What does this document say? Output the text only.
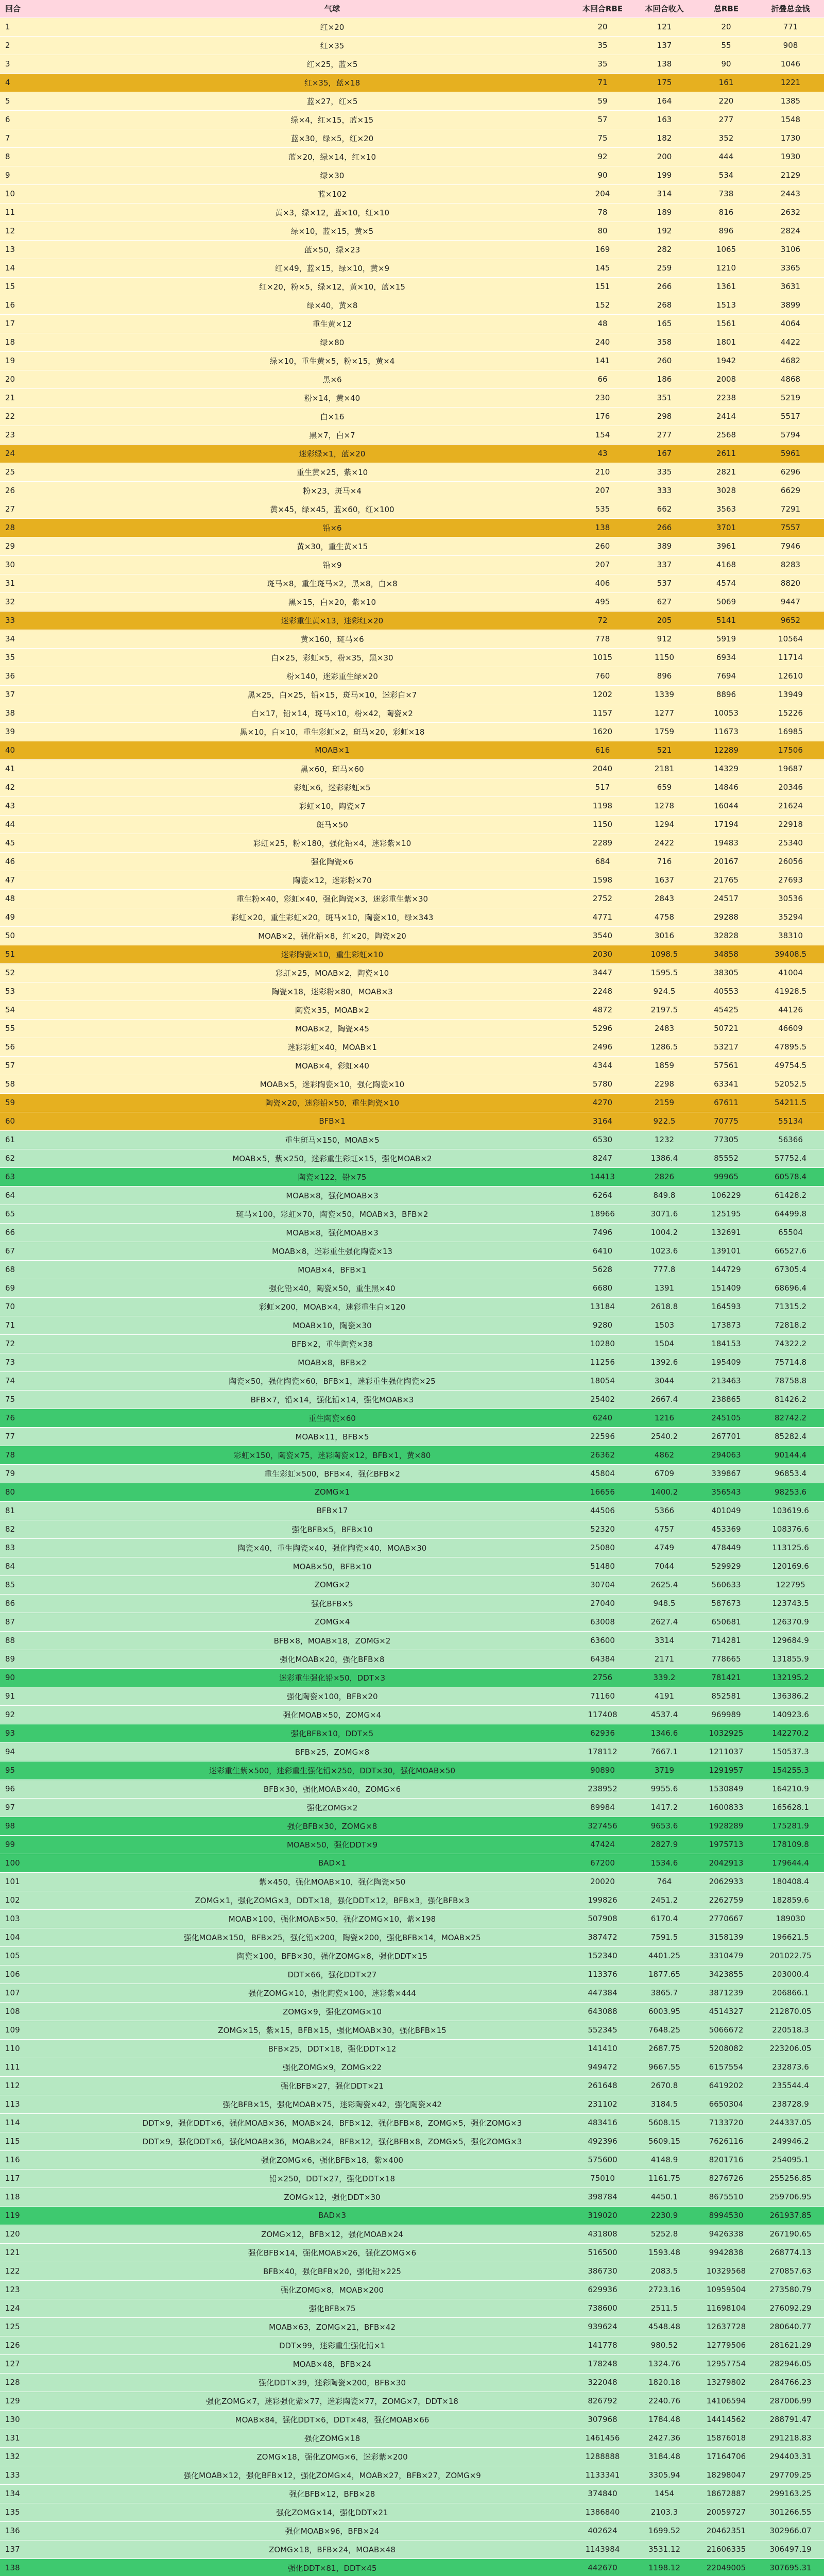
回合	气球	本回合RBE	本回合收入	总RBE	折叠总金钱
1	红×20	20	121	20	771
2	红×35	35	137	55	908
3	红×25，蓝×5	35	138	90	1046
4	红×35，蓝×18	71	175	161	1221
5	蓝×27，红×5	59	164	220	1385
6	绿×4，红×15，蓝×15	57	163	277	1548
7	蓝×30，绿×5，红×20	75	182	352	1730
8	蓝×20，绿×14，红×10	92	200	444	1930
9	绿×30	90	199	534	2129
10	蓝×102	204	314	738	2443
11	黄×3，绿×12，蓝×10，红×10	78	189	816	2632
12	绿×10，蓝×15，黄×5	80	192	896	2824
13	蓝×50，绿×23	169	282	1065	3106
14	红×49，蓝×15，绿×10，黄×9	145	259	1210	3365
15	红×20，粉×5，绿×12，黄×10，蓝×15	151	266	1361	3631
16	绿×40，黄×8	152	268	1513	3899
17	重生黄×12	48	165	1561	4064
18	绿×80	240	358	1801	4422
19	绿×10，重生黄×5，粉×15，黄×4	141	260	1942	4682
20	黑×6	66	186	2008	4868
21	粉×14，黄×40	230	351	2238	5219
22	白×16	176	298	2414	5517
23	黑×7，白×7	154	277	2568	5794
24	迷彩绿×1，蓝×20	43	167	2611	5961
25	重生黄×25，紫×10	210	335	2821	6296
26	粉×23，斑马×4	207	333	3028	6629
27	黄×45，绿×45，蓝×60，红×100	535	662	3563	7291
28	铅×6	138	266	3701	7557
29	黄×30，重生黄×15	260	389	3961	7946
30	铅×9	207	337	4168	8283
31	斑马×8，重生斑马×2，黑×8，白×8	406	537	4574	8820
32	黑×15，白×20，紫×10	495	627	5069	9447
33	迷彩重生黄×13，迷彩红×20	72	205	5141	9652
34	黄×160，斑马×6	778	912	5919	10564
35	白×25，彩虹×5，粉×35，黑×30	1015	1150	6934	11714
36	粉×140，迷彩重生绿×20	760	896	7694	12610
37	黑×25，白×25，铅×15，斑马×10，迷彩白×7	1202	1339	8896	13949
38	白×17，铅×14，斑马×10，粉×42，陶瓷×2	1157	1277	10053	15226
39	黑×10，白×10，重生彩虹×2，斑马×20，彩虹×18	1620	1759	11673	16985
40	MOAB×1	616	521	12289	17506
41	黑×60，斑马×60	2040	2181	14329	19687
42	彩虹×6，迷彩彩虹×5	517	659	14846	20346
43	彩虹×10，陶瓷×7	1198	1278	16044	21624
44	斑马×50	1150	1294	17194	22918
45	彩虹×25，粉×180，强化铅×4，迷彩紫×10	2289	2422	19483	25340
46	强化陶瓷×6	684	716	20167	26056
47	陶瓷×12，迷彩粉×70	1598	1637	21765	27693
48	重生粉×40，彩虹×40，强化陶瓷×3，迷彩重生紫×30	2752	2843	24517	30536
49	彩虹×20，重生彩虹×20，斑马×10，陶瓷×10，绿×343	4771	4758	29288	35294
50	MOAB×2，强化铅×8，红×20，陶瓷×20	3540	3016	32828	38310
51	迷彩陶瓷×10，重生彩虹×10	2030	1098.5	34858	39408.5
52	彩虹×25，MOAB×2，陶瓷×10	3447	1595.5	38305	41004
53	陶瓷×18，迷彩粉×80，MOAB×3	2248	924.5	40553	41928.5
54	陶瓷×35，MOAB×2	4872	2197.5	45425	44126
55	MOAB×2，陶瓷×45	5296	2483	50721	46609
56	迷彩彩虹×40，MOAB×1	2496	1286.5	53217	47895.5
57	MOAB×4，彩虹×40	4344	1859	57561	49754.5
58	MOAB×5，迷彩陶瓷×10，强化陶瓷×10	5780	2298	63341	52052.5
59	陶瓷×20，迷彩铅×50，重生陶瓷×10	4270	2159	67611	54211.5
60	BFB×1	3164	922.5	70775	55134
61	重生斑马×150，MOAB×5	6530	1232	77305	56366
62	MOAB×5，紫×250，迷彩重生彩虹×15，强化MOAB×2	8247	1386.4	85552	57752.4
63	陶瓷×122，铅×75	14413	2826	99965	60578.4
64	MOAB×8，强化MOAB×3	6264	849.8	106229	61428.2
65	斑马×100，彩虹×70，陶瓷×50，MOAB×3，BFB×2	18966	3071.6	125195	64499.8
66	MOAB×8，强化MOAB×3	7496	1004.2	132691	65504
67	MOAB×8，迷彩重生强化陶瓷×13	6410	1023.6	139101	66527.6
68	MOAB×4，BFB×1	5628	777.8	144729	67305.4
69	强化铅×40，陶瓷×50，重生黑×40	6680	1391	151409	68696.4
70	彩虹×200，MOAB×4，迷彩重生白×120	13184	2618.8	164593	71315.2
71	MOAB×10，陶瓷×30	9280	1503	173873	72818.2
72	BFB×2，重生陶瓷×38	10280	1504	184153	74322.2
73	MOAB×8，BFB×2	11256	1392.6	195409	75714.8
74	陶瓷×50，强化陶瓷×60，BFB×1，迷彩重生强化陶瓷×25	18054	3044	213463	78758.8
75	BFB×7，铅×14，强化铅×14，强化MOAB×3	25402	2667.4	238865	81426.2
76	重生陶瓷×60	6240	1216	245105	82742.2
77	MOAB×11，BFB×5	22596	2540.2	267701	85282.4
78	彩虹×150，陶瓷×75，迷彩陶瓷×12，BFB×1，黄×80	26362	4862	294063	90144.4
79	重生彩虹×500，BFB×4，强化BFB×2	45804	6709	339867	96853.4
80	ZOMG×1	16656	1400.2	356543	98253.6
81	BFB×17	44506	5366	401049	103619.6
82	强化BFB×5，BFB×10	52320	4757	453369	108376.6
83	陶瓷×40，重生陶瓷×40，强化陶瓷×40，MOAB×30	25080	4749	478449	113125.6
84	MOAB×50，BFB×10	51480	7044	529929	120169.6
85	ZOMG×2	30704	2625.4	560633	122795
86	强化BFB×5	27040	948.5	587673	123743.5
87	ZOMG×4	63008	2627.4	650681	126370.9
88	BFB×8，MOAB×18，ZOMG×2	63600	3314	714281	129684.9
89	强化MOAB×20，强化BFB×8	64384	2171	778665	131855.9
90	迷彩重生强化铅×50，DDT×3	2756	339.2	781421	132195.2
91	强化陶瓷×100，BFB×20	71160	4191	852581	136386.2
92	强化MOAB×50，ZOMG×4	117408	4537.4	969989	140923.6
93	强化BFB×10，DDT×5	62936	1346.6	1032925	142270.2
94	BFB×25，ZOMG×8	178112	7667.1	1211037	150537.3
95	迷彩重生紫×500，迷彩重生强化铅×250，DDT×30，强化MOAB×50	90890	3719	1291957	154255.3
96	BFB×30，强化MOAB×40，ZOMG×6	238952	9955.6	1530849	164210.9
97	强化ZOMG×2	89984	1417.2	1600833	165628.1
98	强化BFB×30，ZOMG×8	327456	9653.6	1928289	175281.9
99	MOAB×50，强化DDT×9	47424	2827.9	1975713	178109.8
100	BAD×1	67200	1534.6	2042913	179644.4
101	紫×450，强化MOAB×10，强化陶瓷×50	20020	764	2062933	180408.4
102	ZOMG×1，强化ZOMG×3，DDT×18，强化DDT×12，BFB×3，强化BFB×3	199826	2451.2	2262759	182859.6
103	MOAB×100，强化MOAB×50，强化ZOMG×10，紫×198	507908	6170.4	2770667	189030
104	强化MOAB×150，BFB×25，强化铅×200，陶瓷×200，强化BFB×14，MOAB×25	387472	7591.5	3158139	196621.5
105	陶瓷×100，BFB×30，强化ZOMG×8，强化DDT×15	152340	4401.25	3310479	201022.75
106	DDT×66，强化DDT×27	113376	1877.65	3423855	203000.4
107	强化ZOMG×10，强化陶瓷×100，迷彩紫×444	447384	3865.7	3871239	206866.1
108	ZOMG×9，强化ZOMG×10	643088	6003.95	4514327	212870.05
109	ZOMG×15，紫×15，BFB×15，强化MOAB×30，强化BFB×15	552345	7648.25	5066672	220518.3
110	BFB×25，DDT×18，强化DDT×12	141410	2687.75	5208082	223206.05
111	强化ZOMG×9，ZOMG×22	949472	9667.55	6157554	232873.6
112	强化BFB×27，强化DDT×21	261648	2670.8	6419202	235544.4
113	强化BFB×15，强化MOAB×75，迷彩陶瓷×42，强化陶瓷×42	231102	3184.5	6650304	238728.9
114	DDT×9，强化DDT×6，强化MOAB×36，MOAB×24，BFB×12，强化BFB×8，ZOMG×5，强化ZOMG×3	483416	5608.15	7133720	244337.05
115	DDT×9，强化DDT×6，强化MOAB×36，MOAB×24，BFB×12，强化BFB×8，ZOMG×5，强化ZOMG×3	492396	5609.15	7626116	249946.2
116	强化ZOMG×6，强化BFB×18，紫×400	575600	4148.9	8201716	254095.1
117	铅×250，DDT×27，强化DDT×18	75010	1161.75	8276726	255256.85
118	ZOMG×12，强化DDT×30	398784	4450.1	8675510	259706.95
119	BAD×3	319020	2230.9	8994530	261937.85
120	ZOMG×12，BFB×12，强化MOAB×24	431808	5252.8	9426338	267190.65
121	强化BFB×14，强化MOAB×26，强化ZOMG×6	516500	1593.48	9942838	268774.13
122	BFB×40，强化BFB×20，强化铅×225	386730	2083.5	10329568	270857.63
123	强化ZOMG×8，MOAB×200	629936	2723.16	10959504	273580.79
124	强化BFB×75	738600	2511.5	11698104	276092.29
125	MOAB×63，ZOMG×21，BFB×42	939624	4548.48	12637728	280640.77
126	DDT×99，迷彩重生强化铅×1	141778	980.52	12779506	281621.29
127	MOAB×48，BFB×24	178248	1324.76	12957754	282946.05
128	强化DDT×39，迷彩陶瓷×200，BFB×30	322048	1820.18	13279802	284766.23
129	强化ZOMG×7，迷彩强化紫×77，迷彩陶瓷×77，ZOMG×7，DDT×18	826792	2240.76	14106594	287006.99
130	MOAB×84，强化DDT×6，DDT×48，强化MOAB×66	307968	1784.48	14414562	288791.47
131	强化ZOMG×18	1461456	2427.36	15876018	291218.83
132	ZOMG×18，强化ZOMG×6，迷彩紫×200	1288888	3184.48	17164706	294403.31
133	强化MOAB×12，强化BFB×12，强化ZOMG×4，MOAB×27，BFB×27，ZOMG×9	1133341	3305.94	18298047	297709.25
134	强化BFB×12，BFB×28	374840	1454	18672887	299163.25
135	强化ZOMG×14，强化DDT×21	1386840	2103.3	20059727	301266.55
136	强化MOAB×96，BFB×24	402624	1699.52	20462351	302966.07
137	ZOMG×18，BFB×24，MOAB×48	1143984	3531.12	21606335	306497.19
138	强化DDT×81，DDT×45	442670	1198.12	22049005	307695.31
